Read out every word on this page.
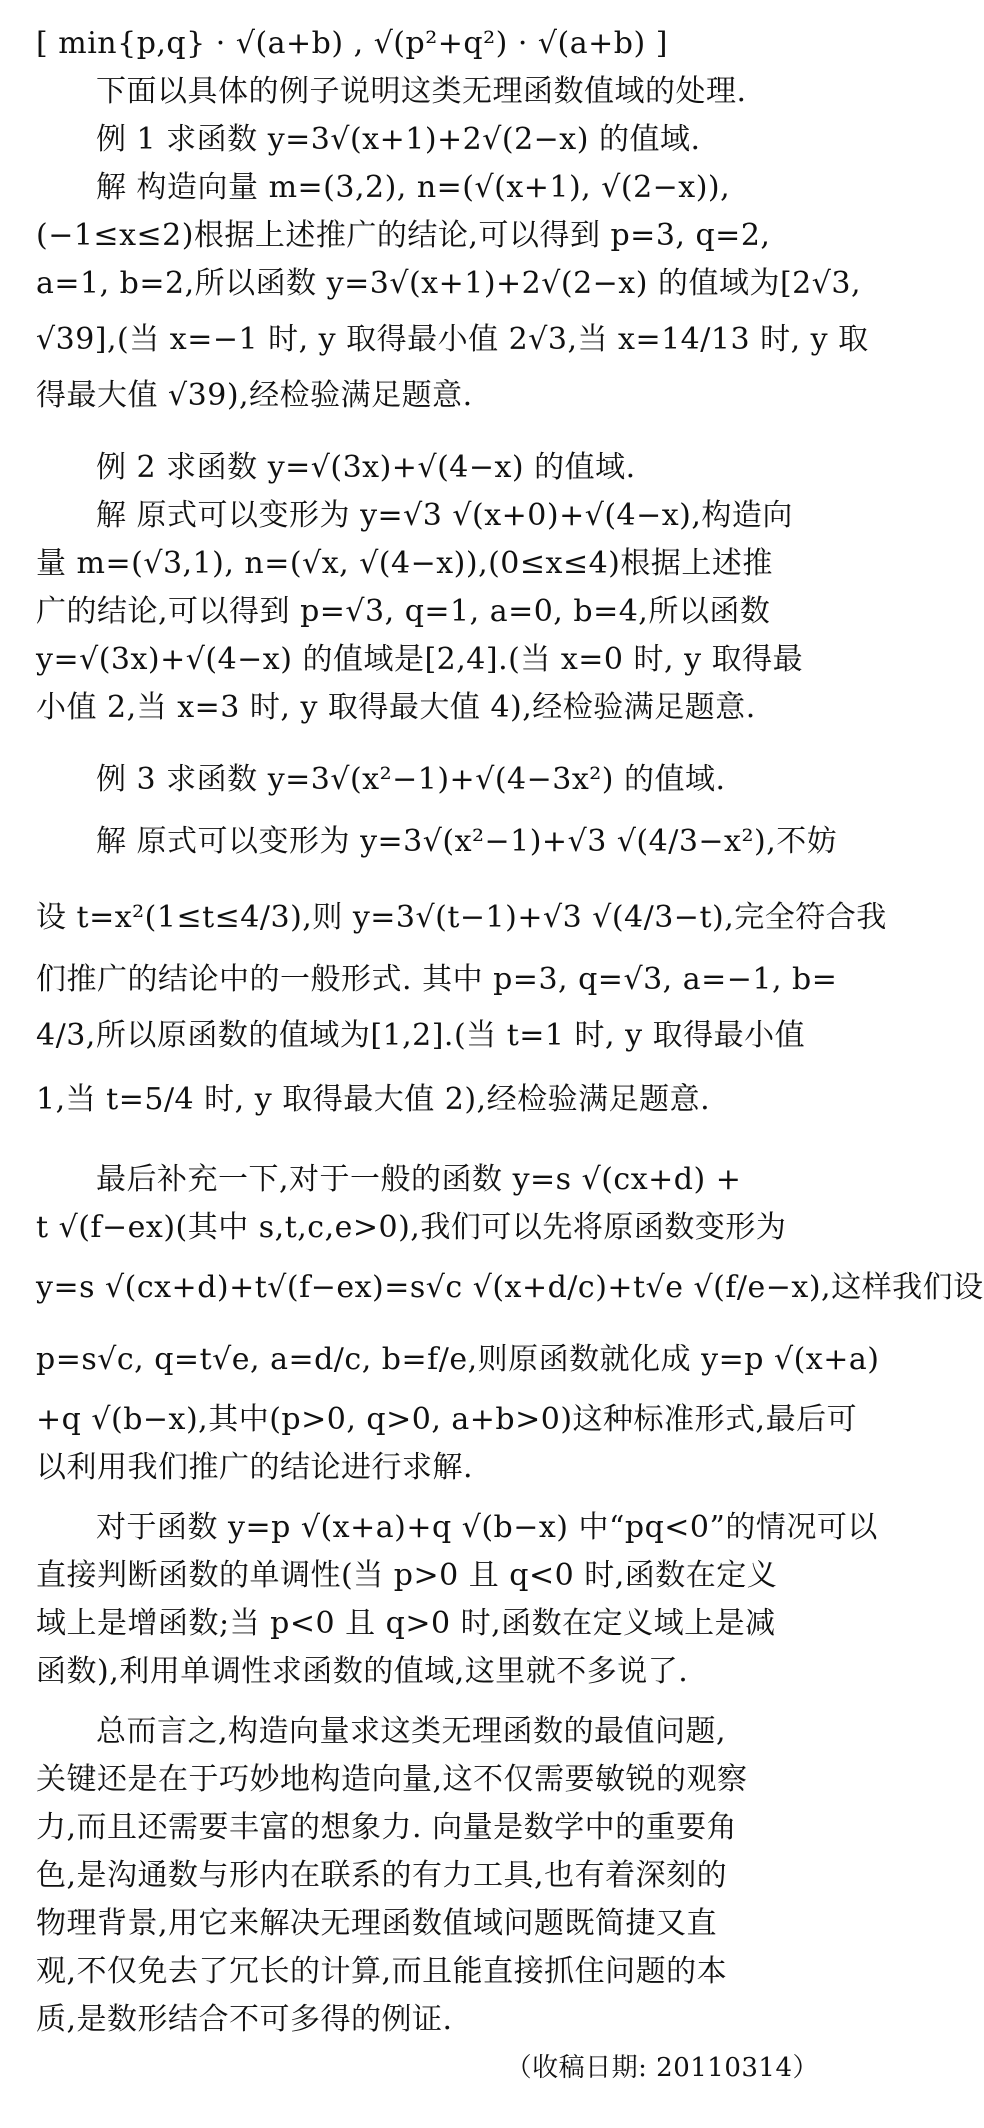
[ min{p,q} · √(a+b) , √(p²+q²) · √(a+b) ]
下面以具体的例子说明这类无理函数值域的处理.
例 1 求函数 y=3√(x+1)+2√(2−x) 的值域.
解 构造向量 m=(3,2), n=(√(x+1), √(2−x)),
(−1≤x≤2)根据上述推广的结论,可以得到 p=3, q=2,
a=1, b=2,所以函数 y=3√(x+1)+2√(2−x) 的值域为[2√3,
√39],(当 x=−1 时, y 取得最小值 2√3,当 x=14/13 时, y 取
得最大值 √39),经检验满足题意.
例 2 求函数 y=√(3x)+√(4−x) 的值域.
解 原式可以变形为 y=√3 √(x+0)+√(4−x),构造向
量 m=(√3,1), n=(√x, √(4−x)),(0≤x≤4)根据上述推
广的结论,可以得到 p=√3, q=1, a=0, b=4,所以函数
y=√(3x)+√(4−x) 的值域是[2,4].(当 x=0 时, y 取得最
小值 2,当 x=3 时, y 取得最大值 4),经检验满足题意.
例 3 求函数 y=3√(x²−1)+√(4−3x²) 的值域.
解 原式可以变形为 y=3√(x²−1)+√3 √(4/3−x²),不妨
设 t=x²(1≤t≤4/3),则 y=3√(t−1)+√3 √(4/3−t),完全符合我
们推广的结论中的一般形式. 其中 p=3, q=√3, a=−1, b=
4/3,所以原函数的值域为[1,2].(当 t=1 时, y 取得最小值
1,当 t=5/4 时, y 取得最大值 2),经检验满足题意.
最后补充一下,对于一般的函数 y=s √(cx+d) +
t √(f−ex)(其中 s,t,c,e>0),我们可以先将原函数变形为
y=s √(cx+d)+t√(f−ex)=s√c √(x+d/c)+t√e √(f/e−x),这样我们设
p=s√c, q=t√e, a=d/c, b=f/e,则原函数就化成 y=p √(x+a)
+q √(b−x),其中(p>0, q>0, a+b>0)这种标准形式,最后可
以利用我们推广的结论进行求解.
对于函数 y=p √(x+a)+q √(b−x) 中“pq<0”的情况可以
直接判断函数的单调性(当 p>0 且 q<0 时,函数在定义
域上是增函数;当 p<0 且 q>0 时,函数在定义域上是减
函数),利用单调性求函数的值域,这里就不多说了.
总而言之,构造向量求这类无理函数的最值问题,
关键还是在于巧妙地构造向量,这不仅需要敏锐的观察
力,而且还需要丰富的想象力. 向量是数学中的重要角
色,是沟通数与形内在联系的有力工具,也有着深刻的
物理背景,用它来解决无理函数值域问题既简捷又直
观,不仅免去了冗长的计算,而且能直接抓住问题的本
质,是数形结合不可多得的例证.
（收稿日期: 20110314）
